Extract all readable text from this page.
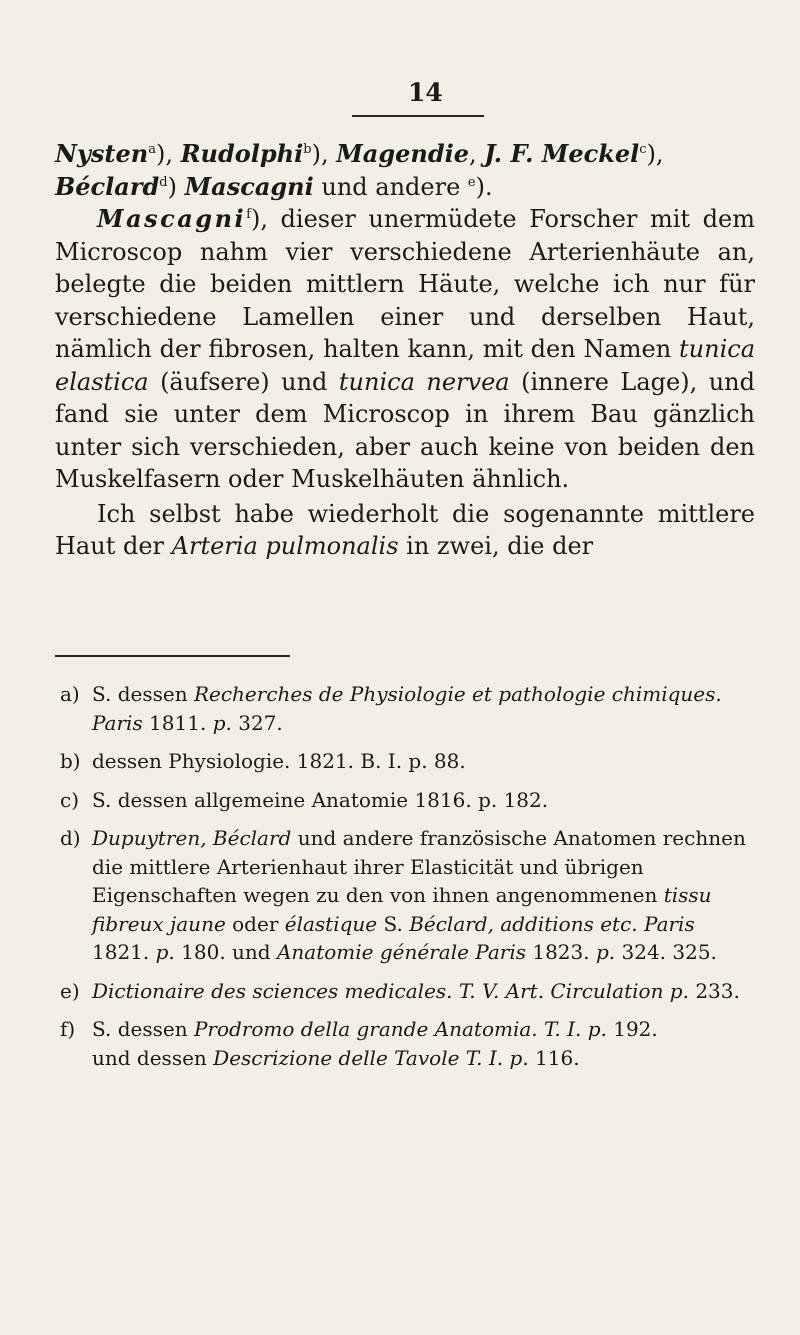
14

Nysten$^a$), Rudolphi$^b$), Magendie, J. F. Meckel$^c$),
Béclard$^d$) Mascagni und andere $^e$).

Mascagni$^f$), dieser unermüdete Forscher mit dem Microscop nahm vier verschiedene Arterienhäute an, belegte die beiden mittlern Häute, welche ich nur für verschiedene Lamellen einer und derselben Haut, nämlich der fibrosen, halten kann, mit den Namen tunica elastica (äufsere) und tunica nervea (innere Lage), und fand sie unter dem Microscop in ihrem Bau gänzlich unter sich verschieden, aber auch keine von beiden den Muskelfasern oder Muskelhäuten ähnlich.

Ich selbst habe wiederholt die sogenannte mittlere Haut der Arteria pulmonalis in zwei, die der

a) S. dessen Recherches de Physiologie et pathologie chimiques. Paris 1811. p. 327.
b) dessen Physiologie. 1821. B. I. p. 88.
c) S. dessen allgemeine Anatomie 1816. p. 182.
d) Dupuytren, Béclard und andere französische Anatomen rechnen die mittlere Arterienhaut ihrer Elasticität und übrigen Eigenschaften wegen zu den von ihnen angenommenen tissu fibreux jaune oder élastique S. Béclard, additions etc. Paris 1821. p. 180. und Anatomie générale Paris 1823. p. 324. 325.
e) Dictionaire des sciences medicales. T. V. Art. Circulation p. 233.
f) S. dessen Prodromo della grande Anatomia. T. I. p. 192.
und dessen Descrizione delle Tavole T. I. p. 116.
